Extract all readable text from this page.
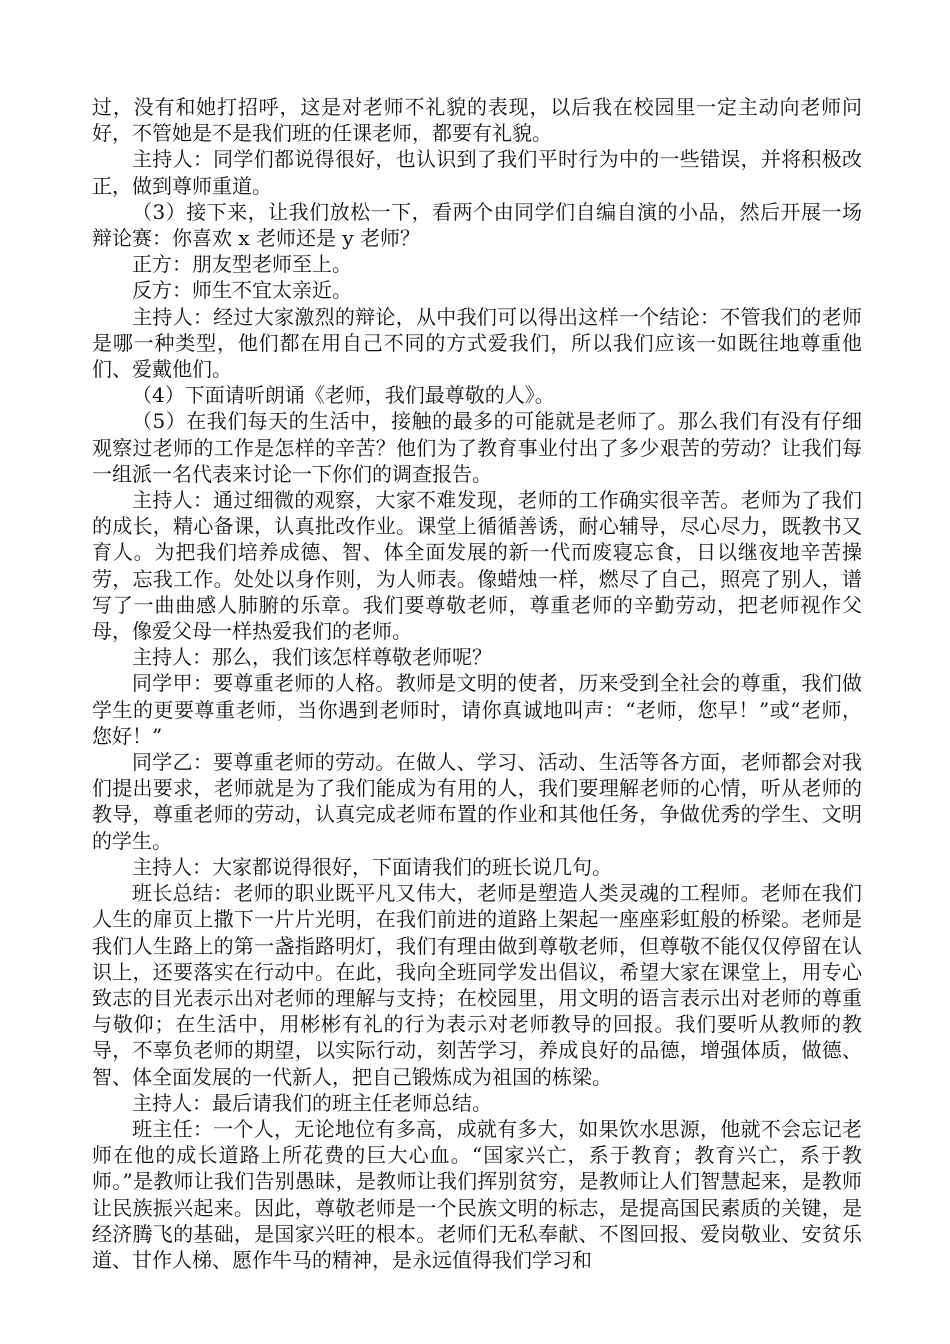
过，没有和她打招呼，这是对老师不礼貌的表现，以后我在校园里一定主动向老师问好，不管她是不是我们班的任课老师，都要有礼貌。

主持人：同学们都说得很好，也认识到了我们平时行为中的一些错误，并将积极改正，做到尊师重道。

（3）接下来，让我们放松一下，看两个由同学们自编自演的小品，然后开展一场辩论赛：你喜欢 x 老师还是 y 老师？

正方：朋友型老师至上。

反方：师生不宜太亲近。

主持人：经过大家激烈的辩论，从中我们可以得出这样一个结论：不管我们的老师是哪一种类型，他们都在用自己不同的方式爱我们，所以我们应该一如既往地尊重他们、爱戴他们。

（4）下面请听朗诵《老师，我们最尊敬的人》。

（5）在我们每天的生活中，接触的最多的可能就是老师了。那么我们有没有仔细观察过老师的工作是怎样的辛苦？他们为了教育事业付出了多少艰苦的劳动？让我们每一组派一名代表来讨论一下你们的调查报告。

主持人：通过细微的观察，大家不难发现，老师的工作确实很辛苦。老师为了我们的成长，精心备课，认真批改作业。课堂上循循善诱，耐心辅导，尽心尽力，既教书又育人。为把我们培养成德、智、体全面发展的新一代而废寝忘食，日以继夜地辛苦操劳，忘我工作。处处以身作则，为人师表。像蜡烛一样，燃尽了自己，照亮了别人，谱写了一曲曲感人肺腑的乐章。我们要尊敬老师，尊重老师的辛勤劳动，把老师视作父母，像爱父母一样热爱我们的老师。

主持人：那么，我们该怎样尊敬老师呢？

同学甲：要尊重老师的人格。教师是文明的使者，历来受到全社会的尊重，我们做学生的更要尊重老师，当你遇到老师时，请你真诚地叫声：“老师，您早！”或“老师，您好！”

同学乙：要尊重老师的劳动。在做人、学习、活动、生活等各方面，老师都会对我们提出要求，老师就是为了我们能成为有用的人，我们要理解老师的心情，听从老师的教导，尊重老师的劳动，认真完成老师布置的作业和其他任务，争做优秀的学生、文明的学生。

主持人：大家都说得很好，下面请我们的班长说几句。

班长总结：老师的职业既平凡又伟大，老师是塑造人类灵魂的工程师。老师在我们人生的扉页上撒下一片片光明，在我们前进的道路上架起一座座彩虹般的桥梁。老师是我们人生路上的第一盏指路明灯，我们有理由做到尊敬老师，但尊敬不能仅仅停留在认识上，还要落实在行动中。在此，我向全班同学发出倡议，希望大家在课堂上，用专心致志的目光表示出对老师的理解与支持；在校园里，用文明的语言表示出对老师的尊重与敬仰；在生活中，用彬彬有礼的行为表示对老师教导的回报。我们要听从教师的教导，不辜负老师的期望，以实际行动，刻苦学习，养成良好的品德，增强体质，做德、智、体全面发展的一代新人，把自己锻炼成为祖国的栋梁。

主持人：最后请我们的班主任老师总结。

班主任：一个人，无论地位有多高，成就有多大，如果饮水思源，他就不会忘记老师在他的成长道路上所花费的巨大心血。“国家兴亡，系于教育；教育兴亡，系于教师。”是教师让我们告别愚昧，是教师让我们挥别贫穷，是教师让人们智慧起来，是教师让民族振兴起来。因此，尊敬老师是一个民族文明的标志，是提高国民素质的关键，是经济腾飞的基础，是国家兴旺的根本。老师们无私奉献、不图回报、爱岗敬业、安贫乐道、甘作人梯、愿作牛马的精神，是永远值得我们学习和
